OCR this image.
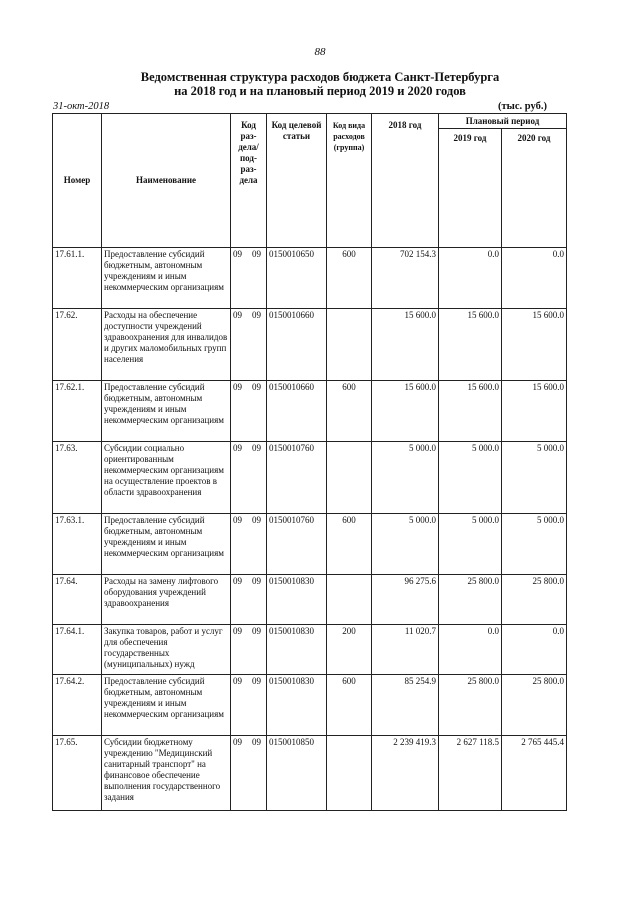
88
Ведомственная структура расходов бюджета Санкт-Петербурга
на 2018 год и на плановый период 2019 и 2020 годов
31-окт-2018	(тыс. руб.)
Номер	Наименование	Код раз-дела/ под-раз-дела	Код целевой статьи	Код вида расходов (группа)	2018 год	Плановый период	
						2019 год	2020 год
17.61.1.	Предоставление субсидий бюджетным, автономным учреждениям и иным некоммерческим организациям	09 09	0150010650	600	702 154.3	0.0	0.0
17.62.	Расходы на обеспечение доступности учреждений здравоохранения для инвалидов и других маломобильных групп населения	09 09	0150010660		15 600.0	15 600.0	15 600.0
17.62.1.	Предоставление субсидий бюджетным, автономным учреждениям и иным некоммерческим организациям	09 09	0150010660	600	15 600.0	15 600.0	15 600.0
17.63.	Субсидии социально ориентированным некоммерческим организациям на осуществление проектов в области здравоохранения	09 09	0150010760		5 000.0	5 000.0	5 000.0
17.63.1.	Предоставление субсидий бюджетным, автономным учреждениям и иным некоммерческим организациям	09 09	0150010760	600	5 000.0	5 000.0	5 000.0
17.64.	Расходы на замену лифтового оборудования учреждений здравоохранения	09 09	0150010830		96 275.6	25 800.0	25 800.0
17.64.1.	Закупка товаров, работ и услуг для обеспечения государственных (муниципальных) нужд	09 09	0150010830	200	11 020.7	0.0	0.0
17.64.2.	Предоставление субсидий бюджетным, автономным учреждениям и иным некоммерческим организациям	09 09	0150010830	600	85 254.9	25 800.0	25 800.0
17.65.	Субсидии бюджетному учреждению "Медицинский санитарный транспорт" на финансовое обеспечение выполнения государственного задания	09 09	0150010850		2 239 419.3	2 627 118.5	2 765 445.4
